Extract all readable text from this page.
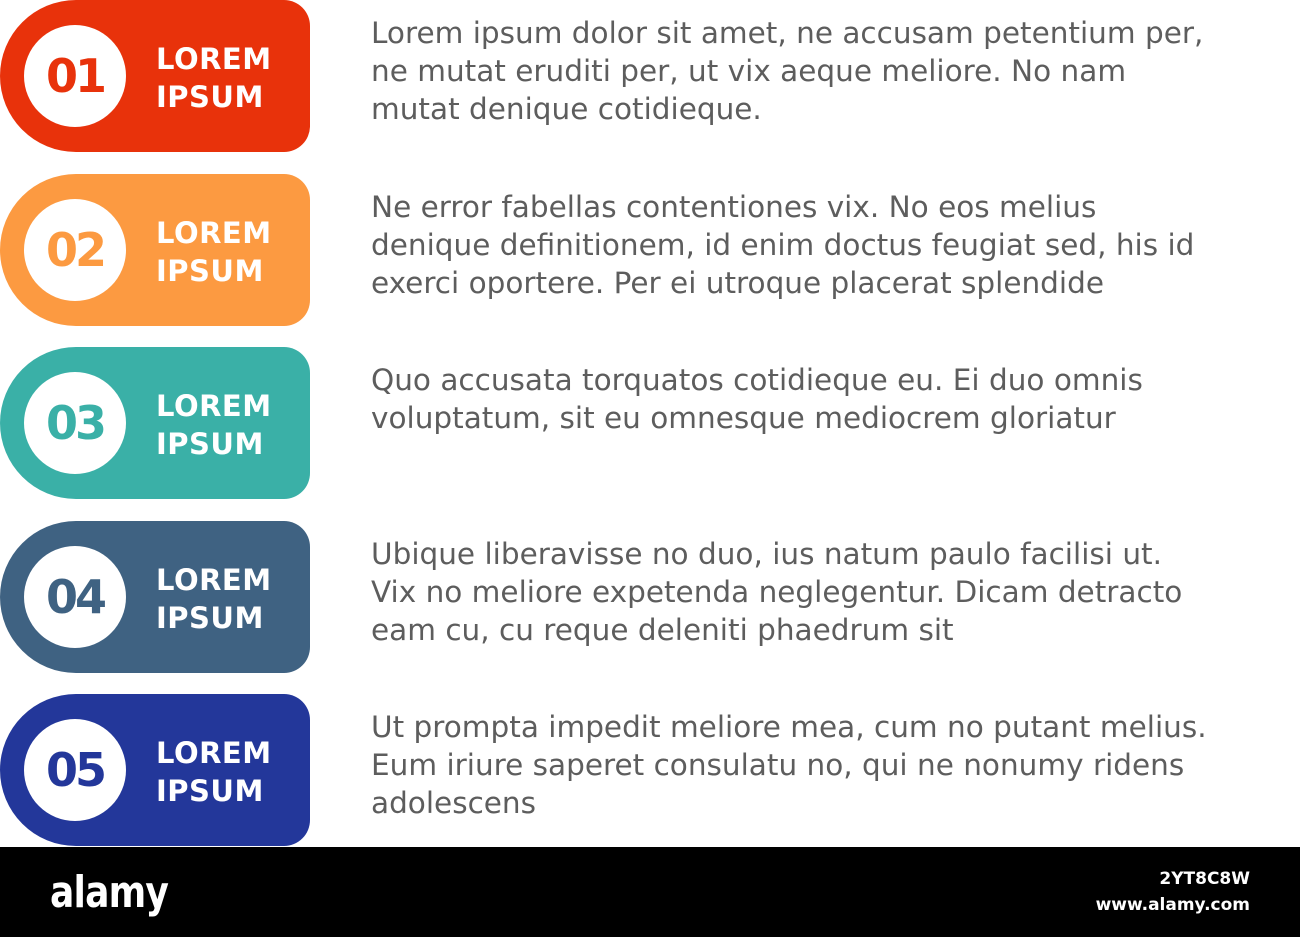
01 LOREM
IPSUM
Lorem ipsum dolor sit amet, ne accusam petentium per,
ne mutat eruditi per, ut vix aeque meliore. No nam
mutat denique cotidieque.
02 LOREM
IPSUM
Ne error fabellas contentiones vix. No eos melius
denique definitionem, id enim doctus feugiat sed, his id
exerci oportere. Per ei utroque placerat splendide
03 LOREM
IPSUM
Quo accusata torquatos cotidieque eu. Ei duo omnis
voluptatum, sit eu omnesque mediocrem gloriatur
04 LOREM
IPSUM
Ubique liberavisse no duo, ius natum paulo facilisi ut.
Vix no meliore expetenda neglegentur. Dicam detracto
eam cu, cu reque deleniti phaedrum sit
05 LOREM
IPSUM
Ut prompta impedit meliore mea, cum no putant melius.
Eum iriure saperet consulatu no, qui ne nonumy ridens
adolescens
alamy	2YT8C8W
www.alamy.com
